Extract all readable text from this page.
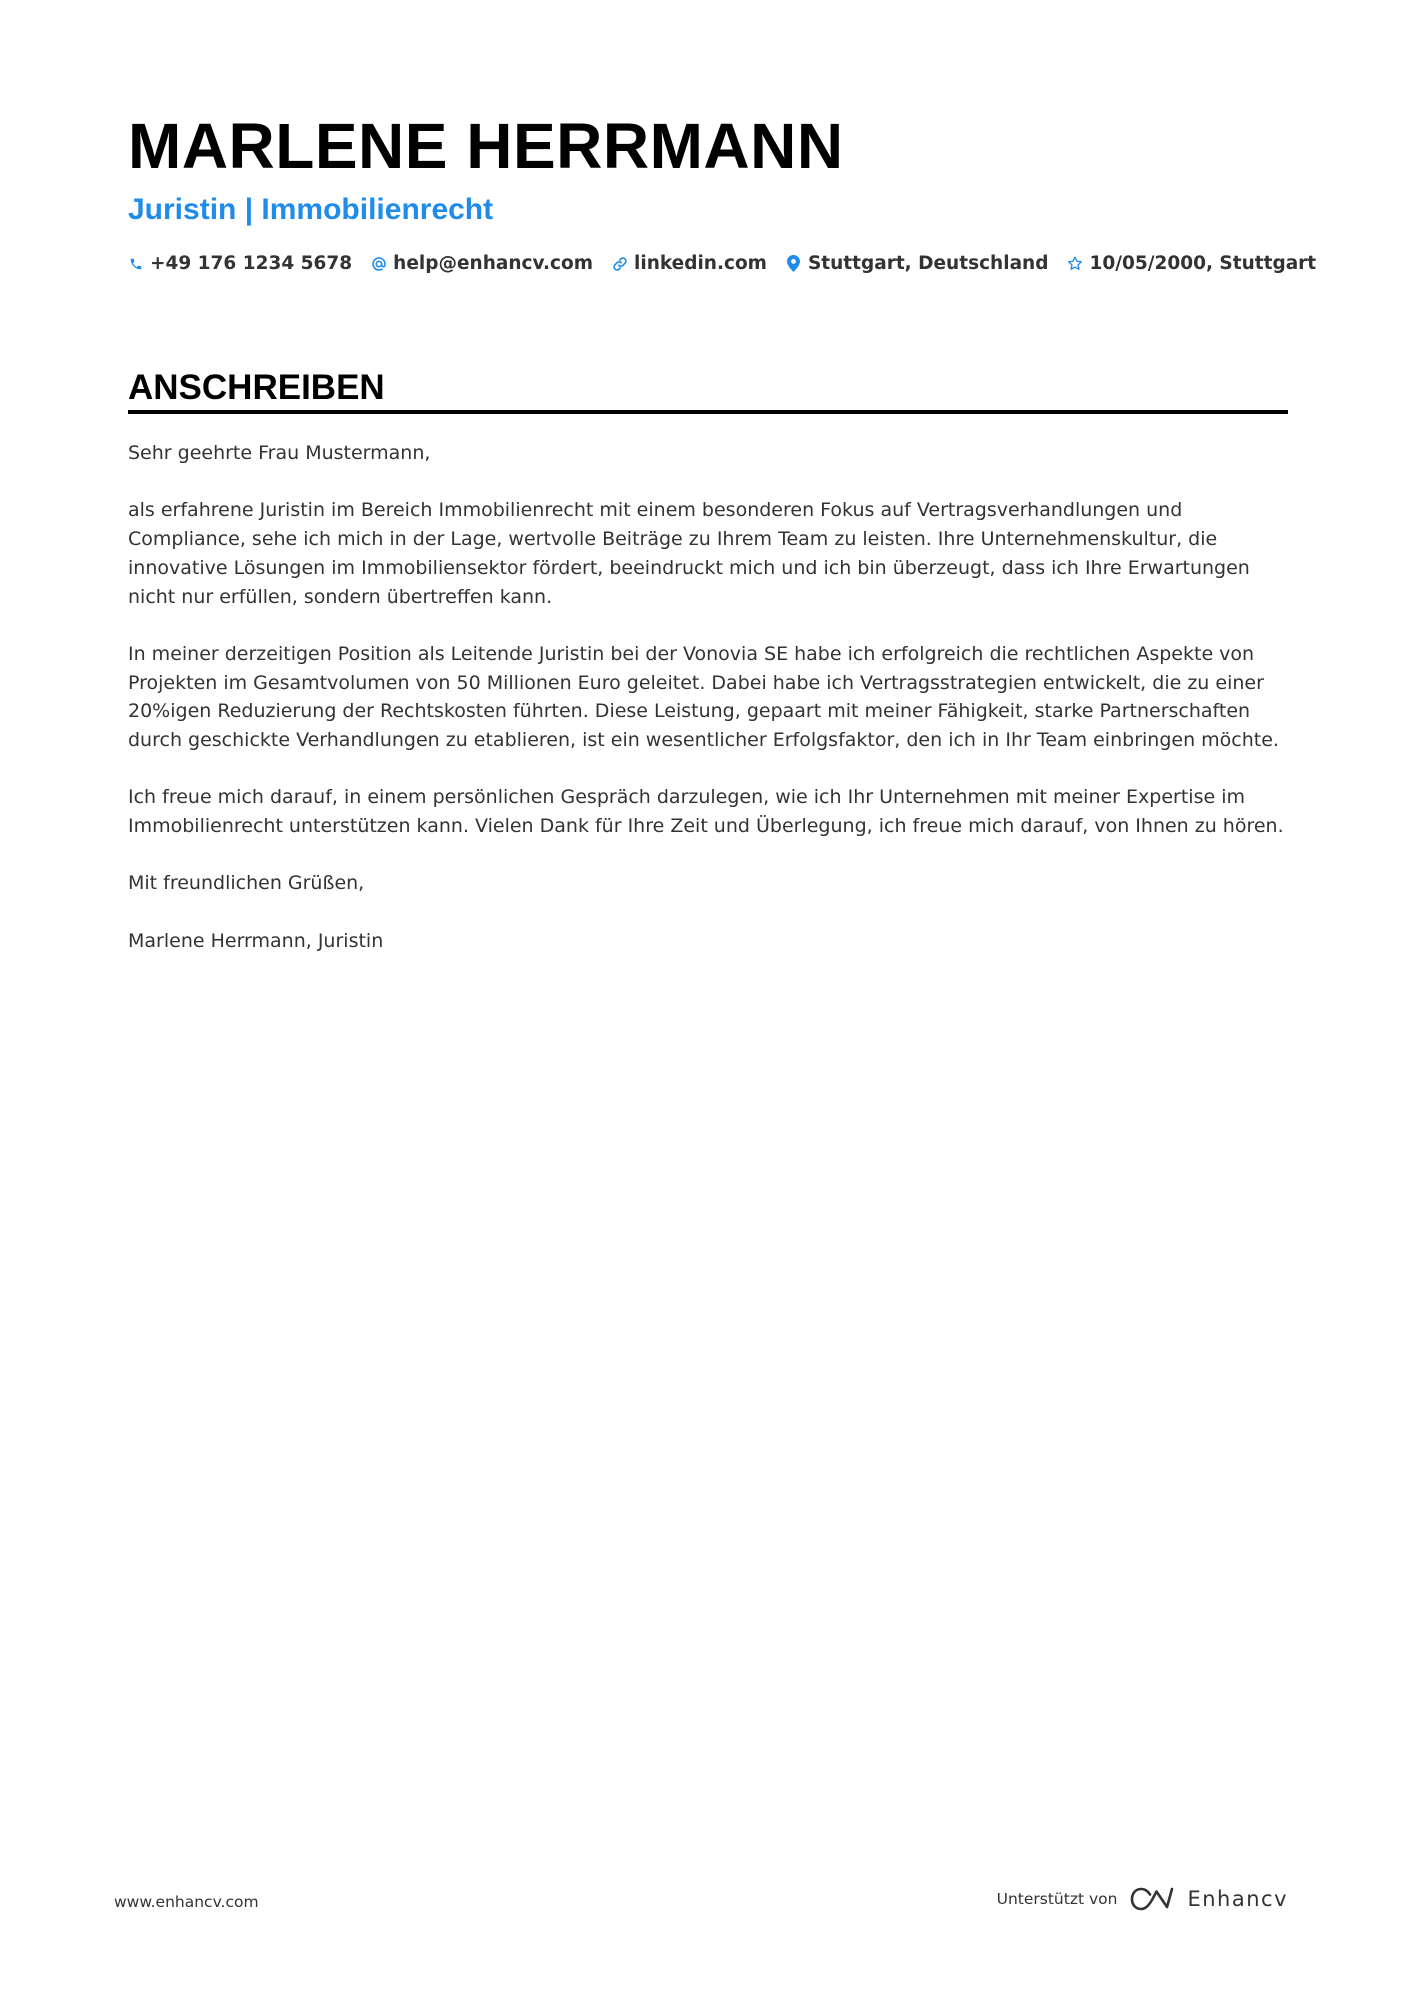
MARLENE HERRMANN
Juristin | Immobilienrecht
+49 176 1234 5678 help@enhancv.com linkedin.com Stuttgart, Deutschland 10/05/2000, Stuttgart
ANSCHREIBEN

Sehr geehrte Frau Mustermann,

als erfahrene Juristin im Bereich Immobilienrecht mit einem besonderen Fokus auf Vertragsverhandlungen und Compliance, sehe ich mich in der Lage, wertvolle Beiträge zu Ihrem Team zu leisten. Ihre Unternehmenskultur, die innovative Lösungen im Immobiliensektor fördert, beeindruckt mich und ich bin überzeugt, dass ich Ihre Erwartungen nicht nur erfüllen, sondern übertreffen kann.

In meiner derzeitigen Position als Leitende Juristin bei der Vonovia SE habe ich erfolgreich die rechtlichen Aspekte von Projekten im Gesamtvolumen von 50 Millionen Euro geleitet. Dabei habe ich Vertragsstrategien entwickelt, die zu einer 20%igen Reduzierung der Rechtskosten führten. Diese Leistung, gepaart mit meiner Fähigkeit, starke Partnerschaften durch geschickte Verhandlungen zu etablieren, ist ein wesentlicher Erfolgsfaktor, den ich in Ihr Team einbringen möchte.

Ich freue mich darauf, in einem persönlichen Gespräch darzulegen, wie ich Ihr Unternehmen mit meiner Expertise im Immobilienrecht unterstützen kann. Vielen Dank für Ihre Zeit und Überlegung, ich freue mich darauf, von Ihnen zu hören.

Mit freundlichen Grüßen,

Marlene Herrmann, Juristin

www.enhancv.com	Unterstützt von	Enhancv
